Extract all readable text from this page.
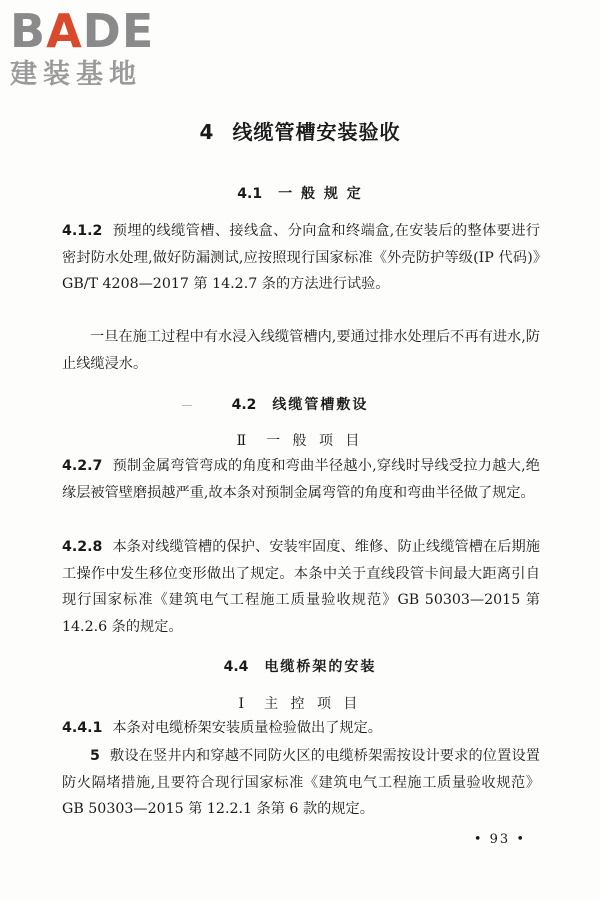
BADE
建装基地
4 线缆管槽安装验收
4.1 一 般 规 定
4.1.2 预埋的线缆管槽、接线盒、分向盒和终端盒,在安装后的整体要进行密封防水处理,做好防漏测试,应按照现行国家标准《外壳防护等级(IP 代码)》GB/T 4208—2017 第 14.2.7 条的方法进行试验。
一旦在施工过程中有水浸入线缆管槽内,要通过排水处理后不再有进水,防止线缆浸水。
4.2 线缆管槽敷设
Ⅱ 一 般 项 目
4.2.7 预制金属弯管弯成的角度和弯曲半径越小,穿线时导线受拉力越大,绝缘层被管壁磨损越严重,故本条对预制金属弯管的角度和弯曲半径做了规定。
4.2.8 本条对线缆管槽的保护、安装牢固度、维修、防止线缆管槽在后期施工操作中发生移位变形做出了规定。本条中关于直线段管卡间最大距离引自现行国家标准《建筑电气工程施工质量验收规范》GB 50303—2015 第 14.2.6 条的规定。
4.4 电缆桥架的安装
Ⅰ 主 控 项 目
4.4.1 本条对电缆桥架安装质量检验做出了规定。
5 敷设在竖井内和穿越不同防火区的电缆桥架需按设计要求的位置设置防火隔堵措施,且要符合现行国家标准《建筑电气工程施工质量验收规范》GB 50303—2015 第 12.2.1 条第 6 款的规定。
• 93 •
